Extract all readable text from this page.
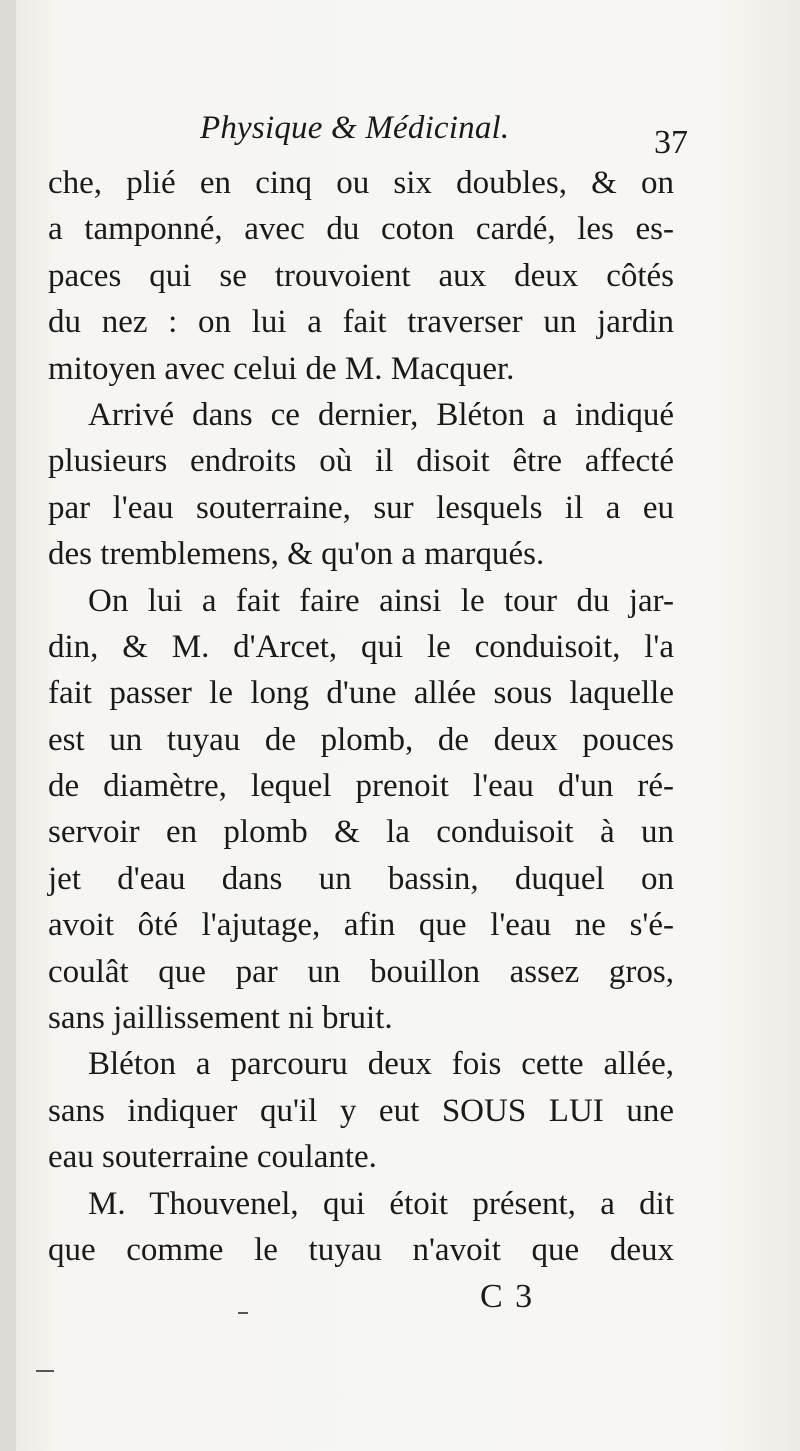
Physique & Médicinal.	37
che, plié en cinq ou six doubles, & on
a tamponné, avec du coton cardé, les es-
paces qui se trouvoient aux deux côtés
du nez : on lui a fait traverser un jardin
mitoyen avec celui de M. Macquer.
Arrivé dans ce dernier, Bléton a indiqué
plusieurs endroits où il disoit être affecté
par l'eau souterraine, sur lesquels il a eu
des tremblemens, & qu'on a marqués.
On lui a fait faire ainsi le tour du jar-
din, & M. d'Arcet, qui le conduisoit, l'a
fait passer le long d'une allée sous laquelle
est un tuyau de plomb, de deux pouces
de diamètre, lequel prenoit l'eau d'un ré-
servoir en plomb & la conduisoit à un
jet d'eau dans un bassin, duquel on
avoit ôté l'ajutage, afin que l'eau ne s'é-
coulât que par un bouillon assez gros,
sans jaillissement ni bruit.
Bléton a parcouru deux fois cette allée,
sans indiquer qu'il y eut SOUS LUI une
eau souterraine coulante.
M. Thouvenel, qui étoit présent, a dit
que comme le tuyau n'avoit que deux
C 3
